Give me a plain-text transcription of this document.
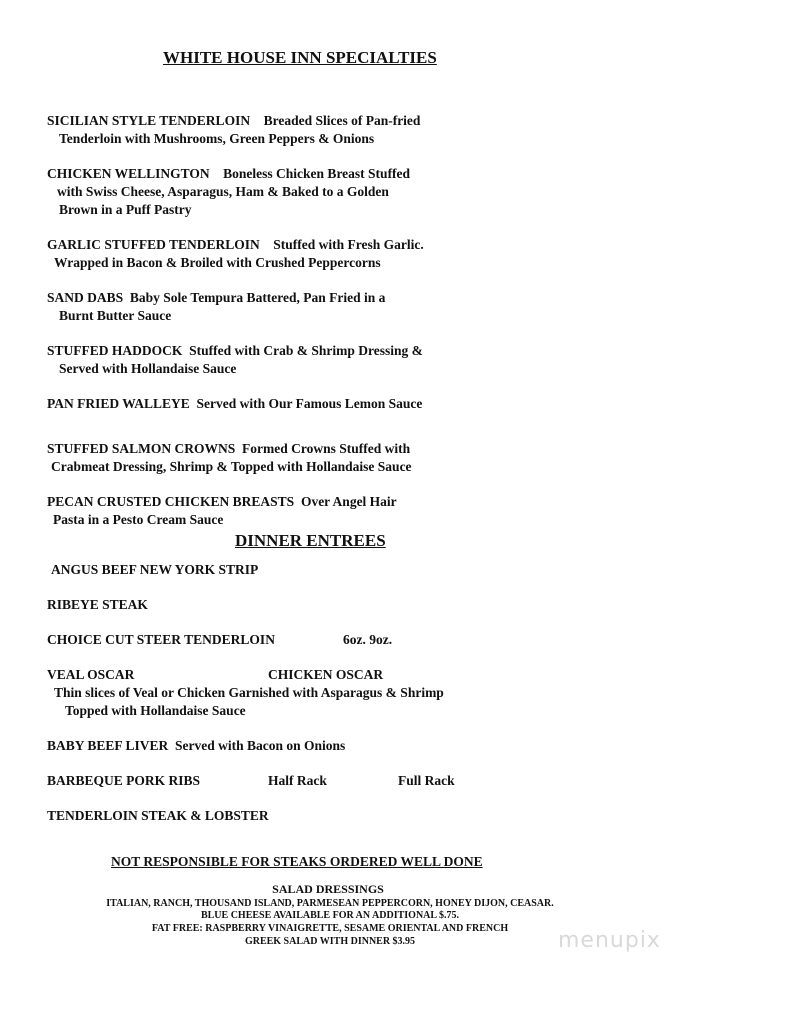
WHITE HOUSE INN SPECIALTIES
SICILIAN STYLE TENDERLOIN Breaded Slices of Pan-fried
Tenderloin with Mushrooms, Green Peppers & Onions
CHICKEN WELLINGTON Boneless Chicken Breast Stuffed
with Swiss Cheese, Asparagus, Ham & Baked to a Golden
Brown in a Puff Pastry
GARLIC STUFFED TENDERLOIN Stuffed with Fresh Garlic.
Wrapped in Bacon & Broiled with Crushed Peppercorns
SAND DABS Baby Sole Tempura Battered, Pan Fried in a
Burnt Butter Sauce
STUFFED HADDOCK Stuffed with Crab & Shrimp Dressing &
Served with Hollandaise Sauce
PAN FRIED WALLEYE Served with Our Famous Lemon Sauce
STUFFED SALMON CROWNS Formed Crowns Stuffed with
Crabmeat Dressing, Shrimp & Topped with Hollandaise Sauce
PECAN CRUSTED CHICKEN BREASTS Over Angel Hair
Pasta in a Pesto Cream Sauce
DINNER ENTREES
ANGUS BEEF NEW YORK STRIP
RIBEYE STEAK
CHOICE CUT STEER TENDERLOIN	6oz. 9oz.
VEAL OSCAR	CHICKEN OSCAR
Thin slices of Veal or Chicken Garnished with Asparagus & Shrimp
Topped with Hollandaise Sauce
BABY BEEF LIVER Served with Bacon on Onions
BARBEQUE PORK RIBS	Half Rack	Full Rack
TENDERLOIN STEAK & LOBSTER
NOT RESPONSIBLE FOR STEAKS ORDERED WELL DONE
SALAD DRESSINGS
ITALIAN, RANCH, THOUSAND ISLAND, PARMESEAN PEPPERCORN, HONEY DIJON, CEASAR.
BLUE CHEESE AVAILABLE FOR AN ADDITIONAL $.75.
FAT FREE: RASPBERRY VINAIGRETTE, SESAME ORIENTAL AND FRENCH
GREEK SALAD WITH DINNER $3.95	menupix
